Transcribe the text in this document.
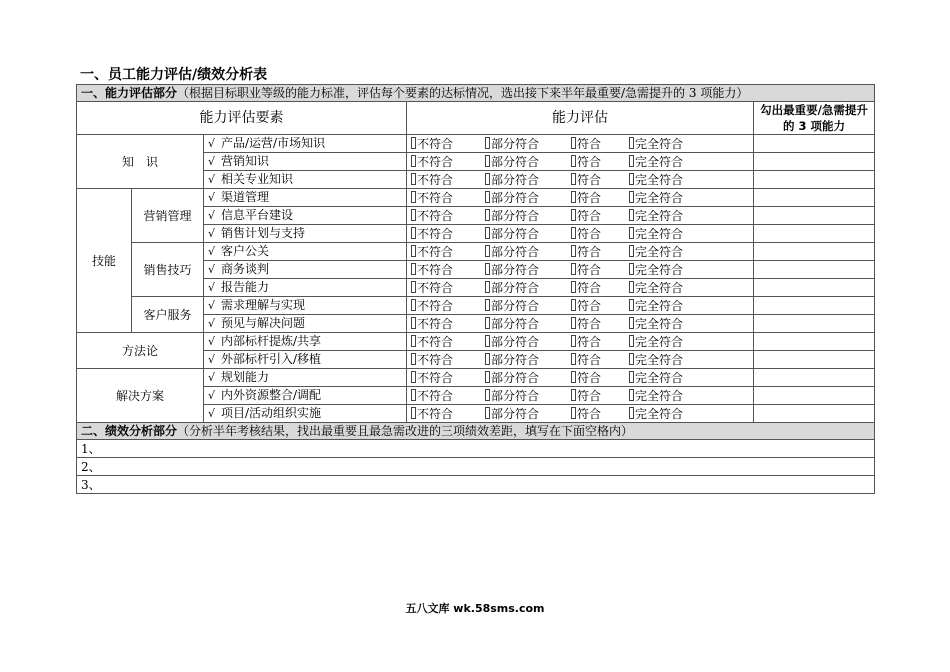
一、员工能力评估/绩效分析表
一、能力评估部分（根据目标职业等级的能力标准，评估每个要素的达标情况，选出接下来半年最重要/急需提升的 3 项能力）				
能力评估要素			能力评估	勾出最重要/急需提升的 3 项能力
知　识		√ 产品/运营/市场知识	不符合 部分符合 符合 完全符合	
		√ 营销知识	不符合 部分符合 符合 完全符合	
		√ 相关专业知识	不符合 部分符合 符合 完全符合	
技能	营销管理	√ 渠道管理	不符合 部分符合 符合 完全符合	
		√ 信息平台建设	不符合 部分符合 符合 完全符合	
		√ 销售计划与支持	不符合 部分符合 符合 完全符合	
	销售技巧	√ 客户公关	不符合 部分符合 符合 完全符合	
		√ 商务谈判	不符合 部分符合 符合 完全符合	
		√ 报告能力	不符合 部分符合 符合 完全符合	
	客户服务	√ 需求理解与实现	不符合 部分符合 符合 完全符合	
		√ 预见与解决问题	不符合 部分符合 符合 完全符合	
方法论		√ 内部标杆提炼/共享	不符合 部分符合 符合 完全符合	
		√ 外部标杆引入/移植	不符合 部分符合 符合 完全符合	
解决方案		√ 规划能力	不符合 部分符合 符合 完全符合	
		√ 内外资源整合/调配	不符合 部分符合 符合 完全符合	
		√ 项目/活动组织实施	不符合 部分符合 符合 完全符合	
二、绩效分析部分（分析半年考核结果，找出最重要且最急需改进的三项绩效差距，填写在下面空格内）				
1、				
2、				
3、				
五八文库 wk.58sms.com
